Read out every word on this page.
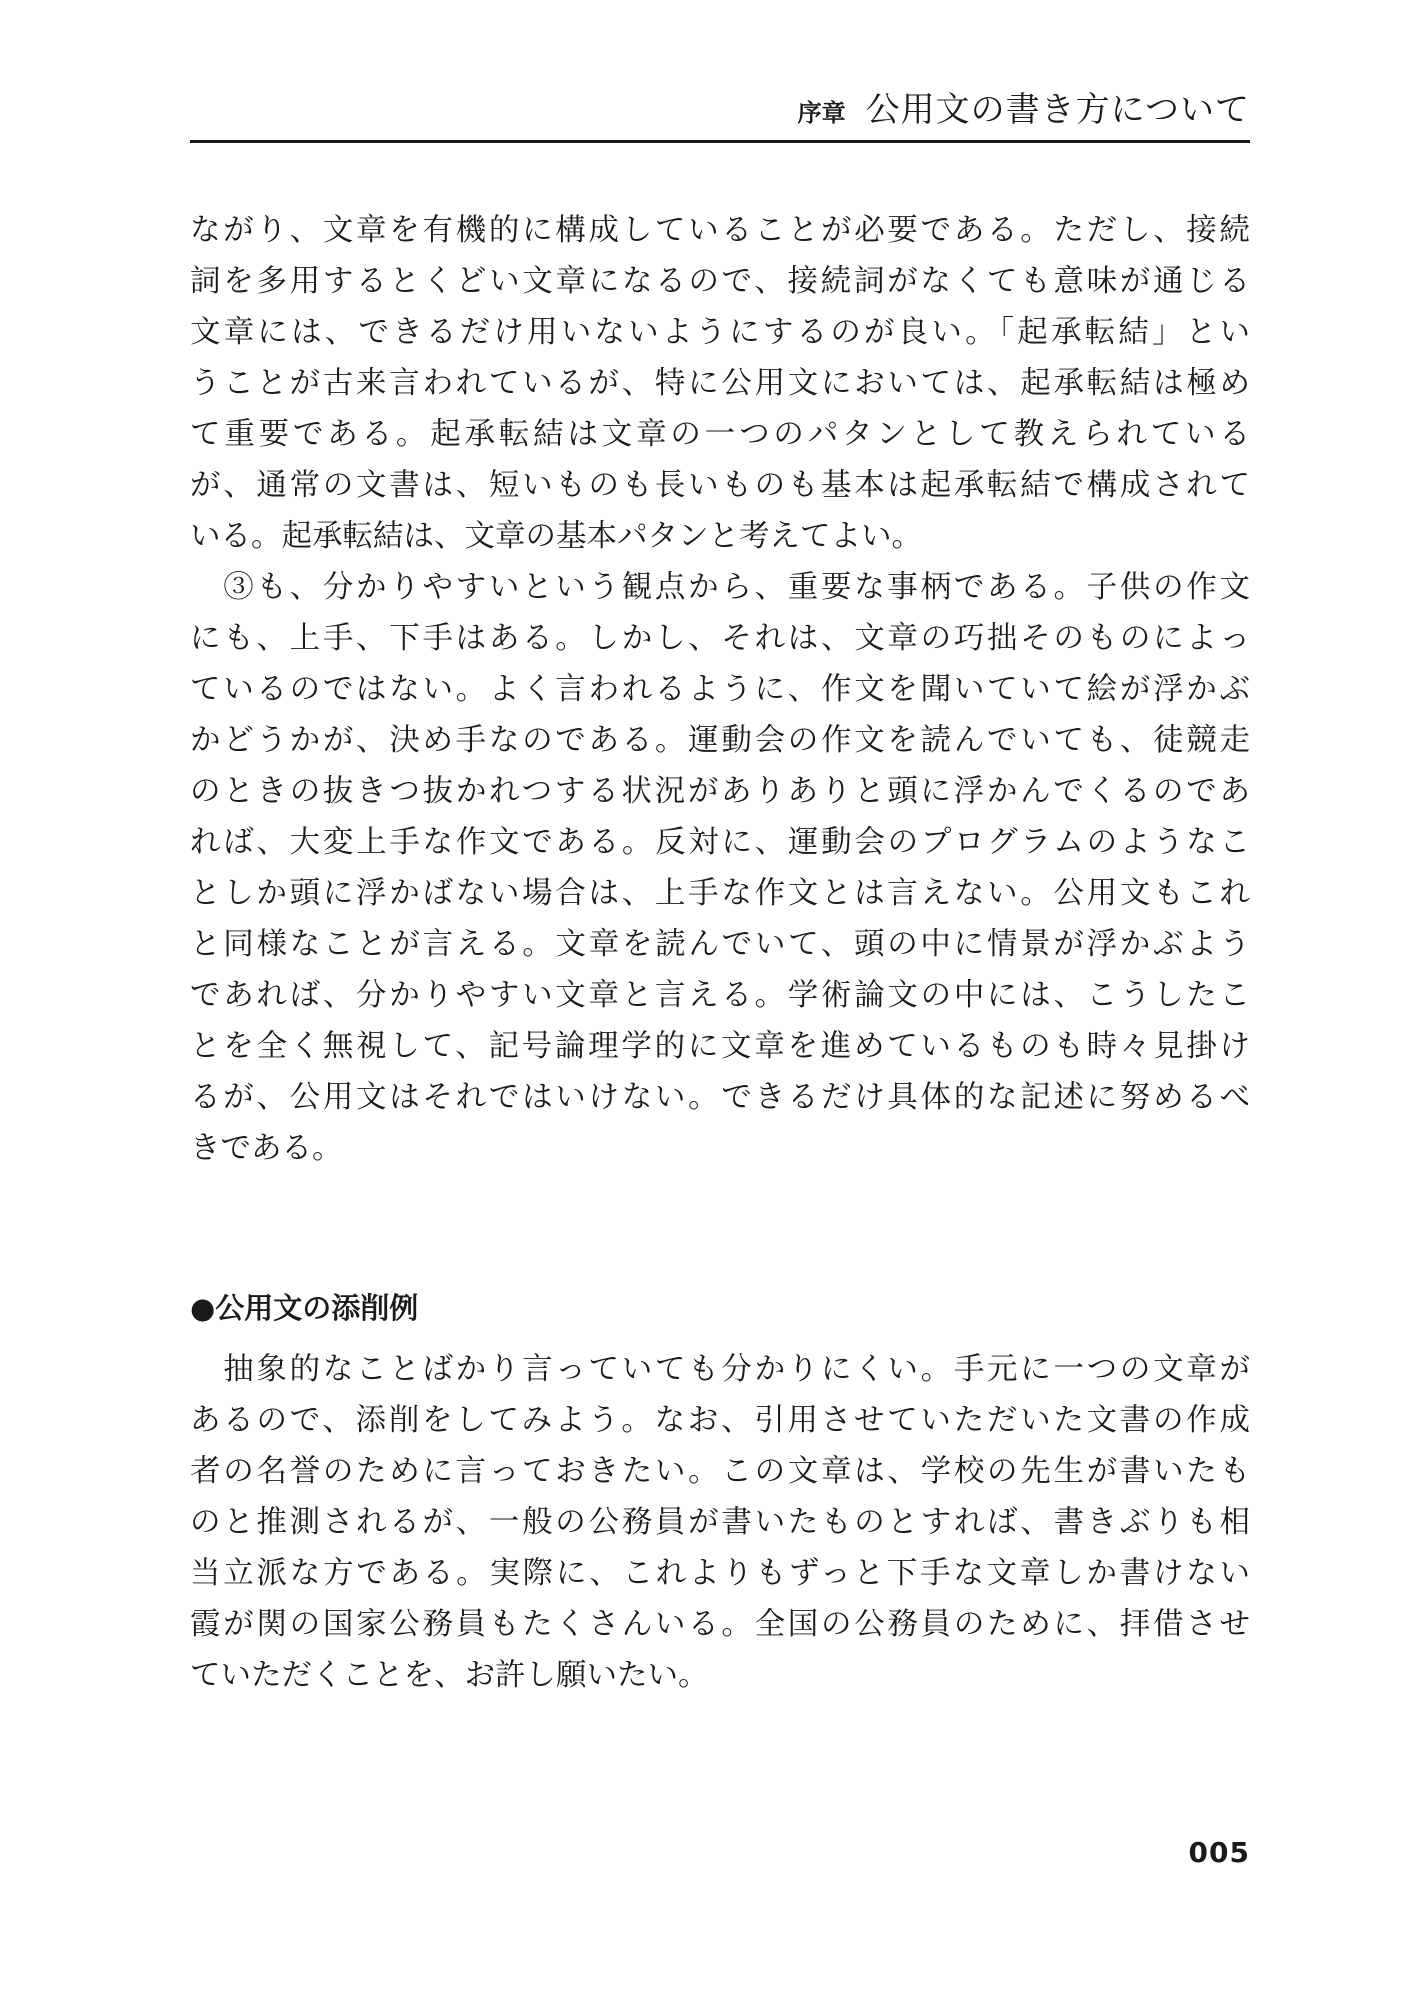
序章 公用文の書き方について
ながり、文章を有機的に構成していることが必要である。ただし、接続
詞を多用するとくどい文章になるので、接続詞がなくても意味が通じる
文章には、できるだけ用いないようにするのが良い。「起承転結」とい
うことが古来言われているが、特に公用文においては、起承転結は極め
て重要である。起承転結は文章の一つのパタンとして教えられている
が、通常の文書は、短いものも長いものも基本は起承転結で構成されて
いる。起承転結は、文章の基本パタンと考えてよい。
　③も、分かりやすいという観点から、重要な事柄である。子供の作文
にも、上手、下手はある。しかし、それは、文章の巧拙そのものによっ
ているのではない。よく言われるように、作文を聞いていて絵が浮かぶ
かどうかが、決め手なのである。運動会の作文を読んでいても、徒競走
のときの抜きつ抜かれつする状況がありありと頭に浮かんでくるのであ
れば、大変上手な作文である。反対に、運動会のプログラムのようなこ
としか頭に浮かばない場合は、上手な作文とは言えない。公用文もこれ
と同様なことが言える。文章を読んでいて、頭の中に情景が浮かぶよう
であれば、分かりやすい文章と言える。学術論文の中には、こうしたこ
とを全く無視して、記号論理学的に文章を進めているものも時々見掛け
るが、公用文はそれではいけない。できるだけ具体的な記述に努めるべ
きである。
●公用文の添削例
　抽象的なことばかり言っていても分かりにくい。手元に一つの文章が
あるので、添削をしてみよう。なお、引用させていただいた文書の作成
者の名誉のために言っておきたい。この文章は、学校の先生が書いたも
のと推測されるが、一般の公務員が書いたものとすれば、書きぶりも相
当立派な方である。実際に、これよりもずっと下手な文章しか書けない
霞が関の国家公務員もたくさんいる。全国の公務員のために、拝借させ
ていただくことを、お許し願いたい。
005
